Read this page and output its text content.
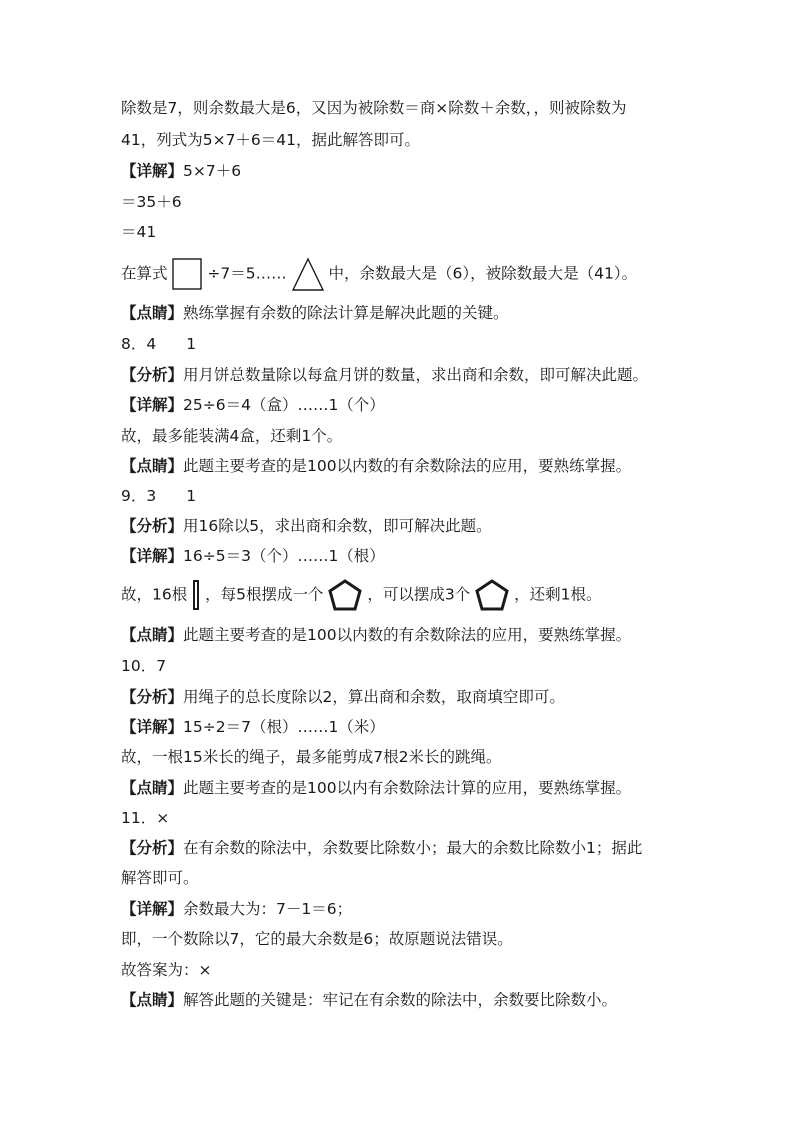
除数是7，则余数最大是6，又因为被除数＝商×除数＋余数，，则被除数为
41，列式为5×7＋6＝41，据此解答即可。
【详解】5×7＋6
＝35＋6
＝41
在算式	÷7＝5……	中，余数最大是（6），被除数最大是（41）。
【点睛】熟练掌握有余数的除法计算是解决此题的关键。
8．4 1
【分析】用月饼总数量除以每盒月饼的数量，求出商和余数，即可解决此题。
【详解】25÷6＝4（盒）……1（个）
故，最多能装满4盒，还剩1个。
【点睛】此题主要考查的是100以内数的有余数除法的应用，要熟练掌握。
9．3 1
【分析】用16除以5，求出商和余数，即可解决此题。
【详解】16÷5＝3（个）……1（根）
故，16根 ，每5根摆成一个	，可以摆成3个	，还剩1根。
【点睛】此题主要考查的是100以内数的有余数除法的应用，要熟练掌握。
10．7
【分析】用绳子的总长度除以2，算出商和余数，取商填空即可。
【详解】15÷2＝7（根）……1（米）
故，一根15米长的绳子，最多能剪成7根2米长的跳绳。
【点睛】此题主要考查的是100以内有余数除法计算的应用，要熟练掌握。
11．×
【分析】在有余数的除法中，余数要比除数小；最大的余数比除数小1；据此
解答即可。
【详解】余数最大为：7－1＝6；
即，一个数除以7，它的最大余数是6；故原题说法错误。
故答案为：×
【点睛】解答此题的关键是：牢记在有余数的除法中，余数要比除数小。
